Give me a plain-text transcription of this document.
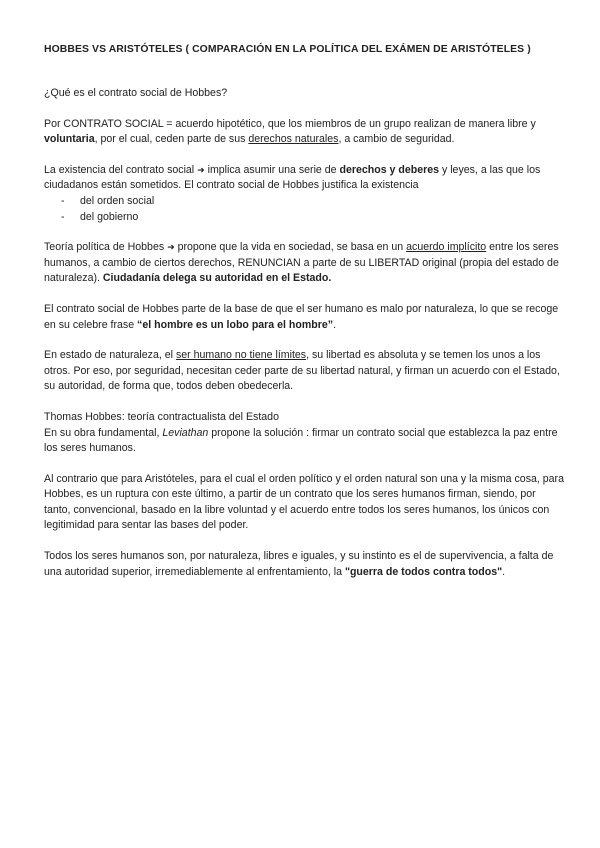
HOBBES VS ARISTÓTELES ( COMPARACIÓN EN LA POLÍTICA DEL EXÁMEN DE ARISTÓTELES )

¿Qué es el contrato social de Hobbes?

Por CONTRATO SOCIAL = acuerdo hipotético, que los miembros de un grupo realizan de manera libre y voluntaria, por el cual, ceden parte de sus derechos naturales, a cambio de seguridad.

La existencia del contrato social ➜ implica asumir una serie de derechos y deberes y leyes, a las que los ciudadanos están sometidos. El contrato social de Hobbes justifica la existencia

- del orden social
- del gobierno

Teoría política de Hobbes ➜ propone que la vida en sociedad, se basa en un acuerdo implícito entre los seres humanos, a cambio de ciertos derechos, RENUNCIAN a parte de su LIBERTAD original (propia del estado de naturaleza). Ciudadanía delega su autoridad en el Estado.

El contrato social de Hobbes parte de la base de que el ser humano es malo por naturaleza, lo que se recoge en su celebre frase “el hombre es un lobo para el hombre”.

En estado de naturaleza, el ser humano no tiene límites, su libertad es absoluta y se temen los unos a los otros. Por eso, por seguridad, necesitan ceder parte de su libertad natural, y firman un acuerdo con el Estado, su autoridad, de forma que, todos deben obedecerla.

Thomas Hobbes: teoría contractualista del Estado

En su obra fundamental, Leviathan propone la solución : firmar un contrato social que establezca la paz entre los seres humanos.

Al contrario que para Aristóteles, para el cual el orden político y el orden natural son una y la misma cosa, para Hobbes, es un ruptura con este último, a partir de un contrato que los seres humanos firman, siendo, por tanto, convencional, basado en la libre voluntad y el acuerdo entre todos los seres humanos, los únicos con legitimidad para sentar las bases del poder.

Todos los seres humanos son, por naturaleza, libres e iguales, y su instinto es el de supervivencia, a falta de una autoridad superior, irremediablemente al enfrentamiento, la "guerra de todos contra todos".
